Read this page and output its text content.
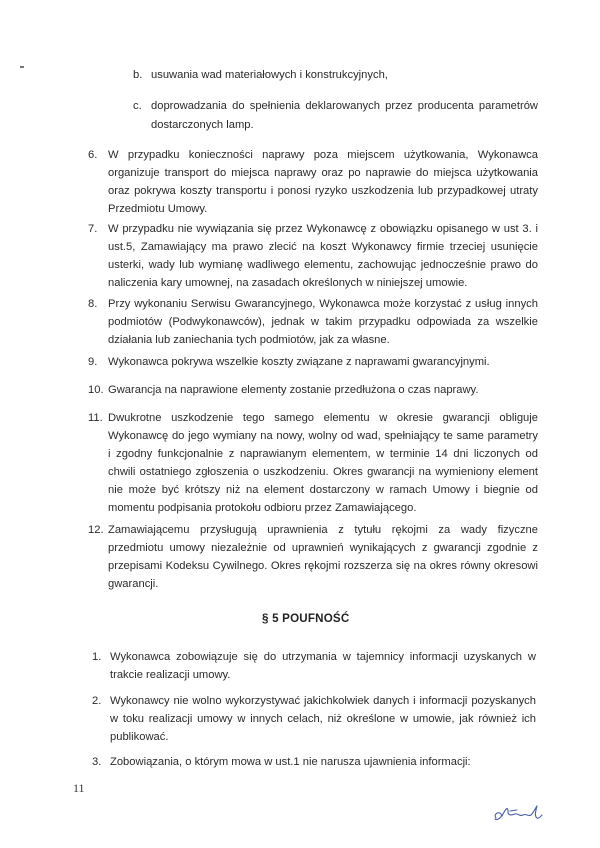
b. usuwania wad materiałowych i konstrukcyjnych,
c. doprowadzania do spełnienia deklarowanych przez producenta parametrów
dostarczonych lamp.
6. W przypadku konieczności naprawy poza miejscem użytkowania, Wykonawca
organizuje transport do miejsca naprawy oraz po naprawie do miejsca użytkowania
oraz pokrywa koszty transportu i ponosi ryzyko uszkodzenia lub przypadkowej utraty
Przedmiotu Umowy.
7. W przypadku nie wywiązania się przez Wykonawcę z obowiązku opisanego w ust 3. i
ust.5, Zamawiający ma prawo zlecić na koszt Wykonawcy firmie trzeciej usunięcie
usterki, wady lub wymianę wadliwego elementu, zachowując jednocześnie prawo do
naliczenia kary umownej, na zasadach określonych w niniejszej umowie.
8. Przy wykonaniu Serwisu Gwarancyjnego, Wykonawca może korzystać z usług innych
podmiotów (Podwykonawców), jednak w takim przypadku odpowiada za wszelkie
działania lub zaniechania tych podmiotów, jak za własne.
9. Wykonawca pokrywa wszelkie koszty związane z naprawami gwarancyjnymi.
10. Gwarancja na naprawione elementy zostanie przedłużona o czas naprawy.
11. Dwukrotne uszkodzenie tego samego elementu w okresie gwarancji obliguje
Wykonawcę do jego wymiany na nowy, wolny od wad, spełniający te same parametry
i zgodny funkcjonalnie z naprawianym elementem, w terminie 14 dni liczonych od
chwili ostatniego zgłoszenia o uszkodzeniu. Okres gwarancji na wymieniony element
nie może być krótszy niż na element dostarczony w ramach Umowy i biegnie od
momentu podpisania protokołu odbioru przez Zamawiającego.
12. Zamawiającemu przysługują uprawnienia z tytułu rękojmi za wady fizyczne
przedmiotu umowy niezależnie od uprawnień wynikających z gwarancji zgodnie z
przepisami Kodeksu Cywilnego. Okres rękojmi rozszerza się na okres równy okresowi
gwarancji.
§ 5 POUFNOŚĆ
1. Wykonawca zobowiązuje się do utrzymania w tajemnicy informacji uzyskanych w
trakcie realizacji umowy.
2. Wykonawcy nie wolno wykorzystywać jakichkolwiek danych i informacji pozyskanych
w toku realizacji umowy w innych celach, niż określone w umowie, jak również ich
publikować.
3. Zobowiązania, o którym mowa w ust.1 nie narusza ujawnienia informacji:
11
